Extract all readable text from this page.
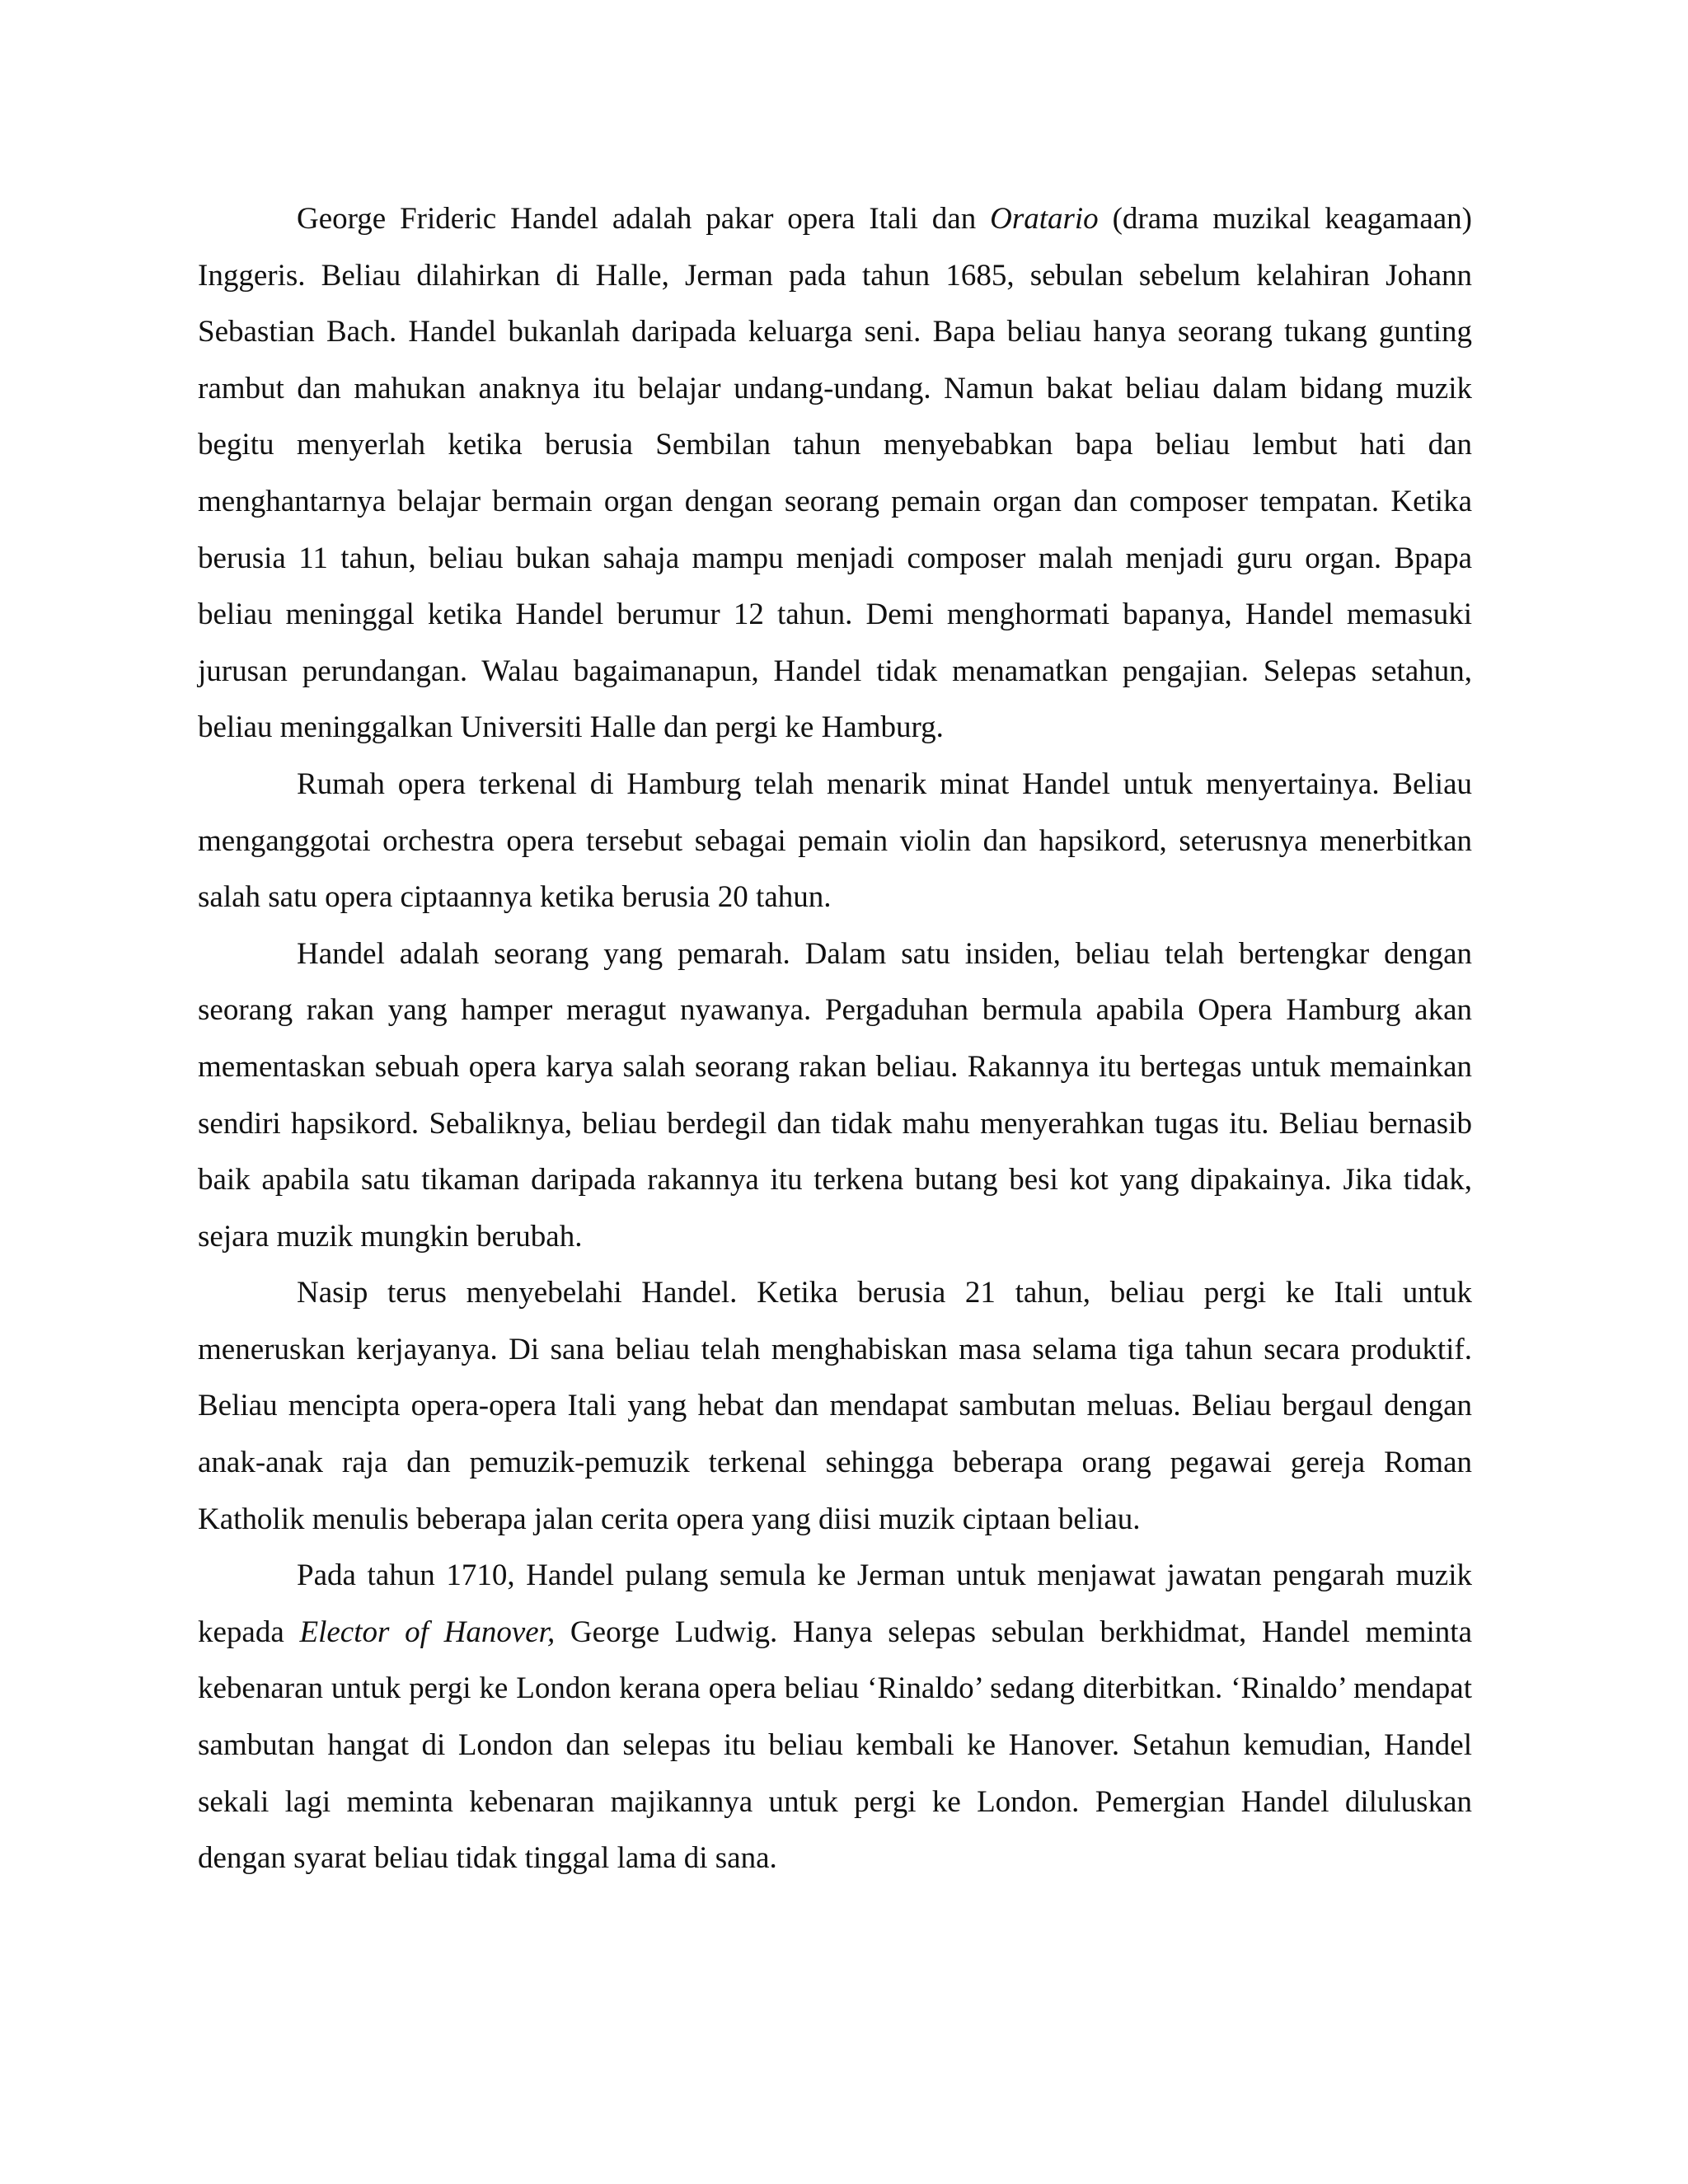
George Frideric Handel adalah pakar opera Itali dan Oratario (drama muzikal keagamaan) Inggeris. Beliau dilahirkan di Halle, Jerman pada tahun 1685, sebulan sebelum kelahiran Johann Sebastian Bach. Handel bukanlah daripada keluarga seni. Bapa beliau hanya seorang tukang gunting rambut dan mahukan anaknya itu belajar undang-undang. Namun bakat beliau dalam bidang muzik begitu menyerlah ketika berusia Sembilan tahun menyebabkan bapa beliau lembut hati dan menghantarnya belajar bermain organ dengan seorang pemain organ dan composer tempatan. Ketika berusia 11 tahun, beliau bukan sahaja mampu menjadi composer malah menjadi guru organ. Bpapa beliau meninggal ketika Handel berumur 12 tahun. Demi menghormati bapanya, Handel memasuki jurusan perundangan. Walau bagaimanapun, Handel tidak menamatkan pengajian. Selepas setahun, beliau meninggalkan Universiti Halle dan pergi ke Hamburg.

Rumah opera terkenal di Hamburg telah menarik minat Handel untuk menyertainya. Beliau menganggotai orchestra opera tersebut sebagai pemain violin dan hapsikord, seterusnya menerbitkan salah satu opera ciptaannya ketika berusia 20 tahun.

Handel adalah seorang yang pemarah. Dalam satu insiden, beliau telah bertengkar dengan seorang rakan yang hamper meragut nyawanya. Pergaduhan bermula apabila Opera Hamburg akan mementaskan sebuah opera karya salah seorang rakan beliau. Rakannya itu bertegas untuk memainkan sendiri hapsikord. Sebaliknya, beliau berdegil dan tidak mahu menyerahkan tugas itu. Beliau bernasib baik apabila satu tikaman daripada rakannya itu terkena butang besi kot yang dipakainya. Jika tidak, sejara muzik mungkin berubah.

Nasip terus menyebelahi Handel. Ketika berusia 21 tahun, beliau pergi ke Itali untuk meneruskan kerjayanya. Di sana beliau telah menghabiskan masa selama tiga tahun secara produktif. Beliau mencipta opera-opera Itali yang hebat dan mendapat sambutan meluas. Beliau bergaul dengan anak-anak raja dan pemuzik-pemuzik terkenal sehingga beberapa orang pegawai gereja Roman Katholik menulis beberapa jalan cerita opera yang diisi muzik ciptaan beliau.

Pada tahun 1710, Handel pulang semula ke Jerman untuk menjawat jawatan pengarah muzik kepada Elector of Hanover, George Ludwig. Hanya selepas sebulan berkhidmat, Handel meminta kebenaran untuk pergi ke London kerana opera beliau ‘Rinaldo’ sedang diterbitkan. ‘Rinaldo’ mendapat sambutan hangat di London dan selepas itu beliau kembali ke Hanover. Setahun kemudian, Handel sekali lagi meminta kebenaran majikannya untuk pergi ke London. Pemergian Handel diluluskan dengan syarat beliau tidak tinggal lama di sana.
